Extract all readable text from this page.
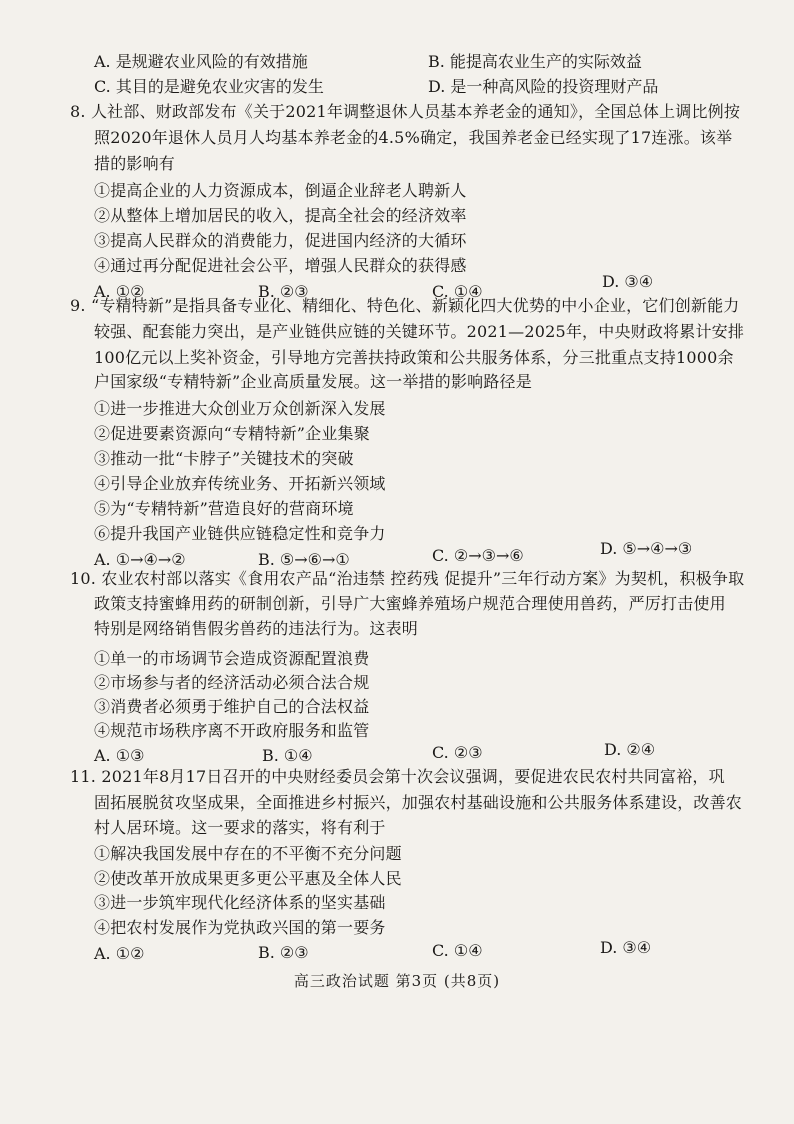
A. 是规避农业风险的有效措施	B. 能提高农业生产的实际效益
C. 其目的是避免农业灾害的发生	D. 是一种高风险的投资理财产品
8. 人社部、财政部发布《关于2021年调整退休人员基本养老金的通知》，全国总体上调比例按
照2020年退休人员月人均基本养老金的4.5%确定，我国养老金已经实现了17连涨。该举
措的影响有
①提高企业的人力资源成本，倒逼企业辞老人聘新人
②从整体上增加居民的收入，提高全社会的经济效率
③提高人民群众的消费能力，促进国内经济的大循环
④通过再分配促进社会公平，增强人民群众的获得感
A. ①②	B. ②③	C. ①④
D. ③④
9. “专精特新”是指具备专业化、精细化、特色化、新颖化四大优势的中小企业，它们创新能力
较强、配套能力突出，是产业链供应链的关键环节。2021—2025年，中央财政将累计安排
100亿元以上奖补资金，引导地方完善扶持政策和公共服务体系，分三批重点支持1000余
户国家级“专精特新”企业高质量发展。这一举措的影响路径是
①进一步推进大众创业万众创新深入发展
②促进要素资源向“专精特新”企业集聚
③推动一批“卡脖子”关键技术的突破
④引导企业放弃传统业务、开拓新兴领域
⑤为“专精特新”营造良好的营商环境
⑥提升我国产业链供应链稳定性和竞争力
A. ①→④→②	B. ⑤→⑥→①	C. ②→③→⑥	D. ⑤→④→③
10. 农业农村部以落实《食用农产品“治违禁 控药残 促提升”三年行动方案》为契机，积极争取
政策支持蜜蜂用药的研制创新，引导广大蜜蜂养殖场户规范合理使用兽药，严厉打击使用
特别是网络销售假劣兽药的违法行为。这表明
①单一的市场调节会造成资源配置浪费
②市场参与者的经济活动必须合法合规
③消费者必须勇于维护自己的合法权益
④规范市场秩序离不开政府服务和监管
A. ①③	B. ①④	C. ②③	D. ②④
11. 2021年8月17日召开的中央财经委员会第十次会议强调，要促进农民农村共同富裕，巩
固拓展脱贫攻坚成果，全面推进乡村振兴，加强农村基础设施和公共服务体系建设，改善农
村人居环境。这一要求的落实，将有利于
①解决我国发展中存在的不平衡不充分问题
②使改革开放成果更多更公平惠及全体人民
③进一步筑牢现代化经济体系的坚实基础
④把农村发展作为党执政兴国的第一要务
A. ①②	B. ②③	C. ①④	D. ③④
高三政治试题 第3页 (共8页)
